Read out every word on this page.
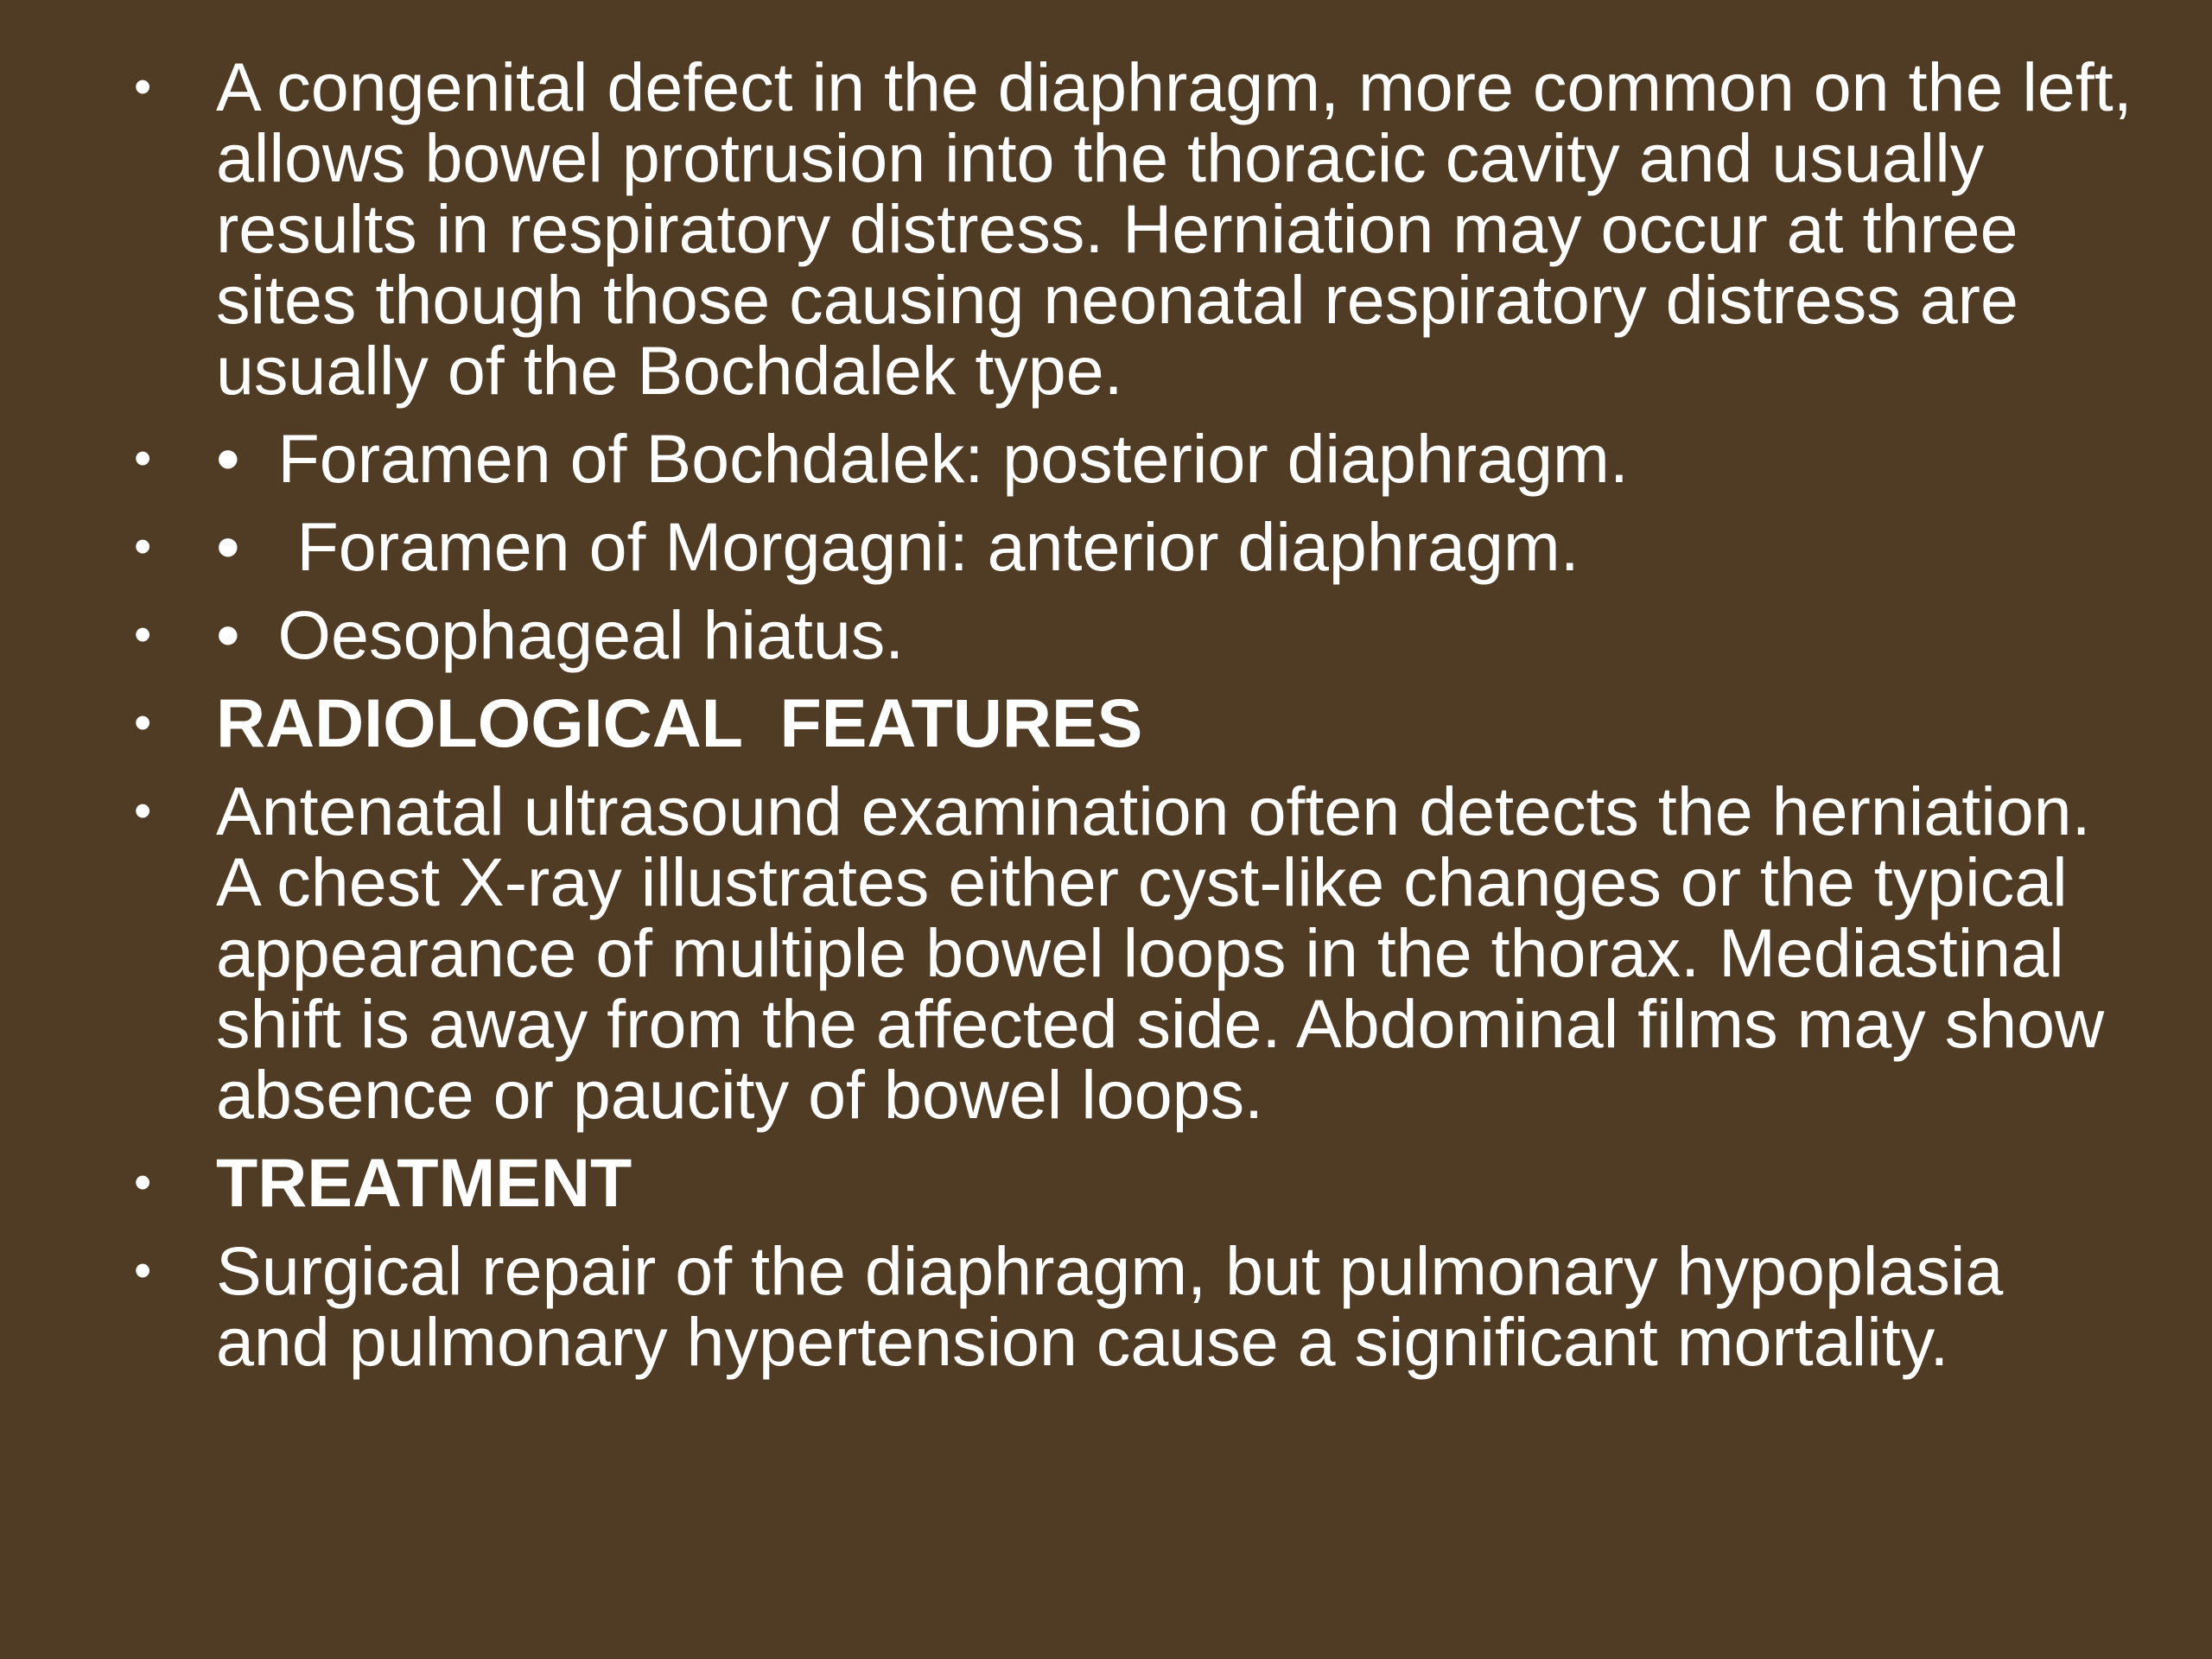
• A congenital defect in the diaphragm, more common on the left, allows bowel protrusion into the thoracic cavity and usually results in respiratory distress. Herniation may occur at three sites though those causing neonatal respiratory distress are usually of the Bochdalek type.
• •  Foramen of Bochdalek: posterior diaphragm.
• •   Foramen of Morgagni: anterior diaphragm.
• •  Oesophageal hiatus.
• RADIOLOGICAL  FEATURES
• Antenatal ultrasound examination often detects the herniation. A chest X-ray illustrates either cyst-like changes or the typical appearance of multiple bowel loops in the thorax. Mediastinal shift is away from the affected side. Abdominal films may show absence or paucity of bowel loops.
• TREATMENT
• Surgical repair of the diaphragm, but pulmonary hypoplasia and pulmonary hypertension cause a significant mortality.
